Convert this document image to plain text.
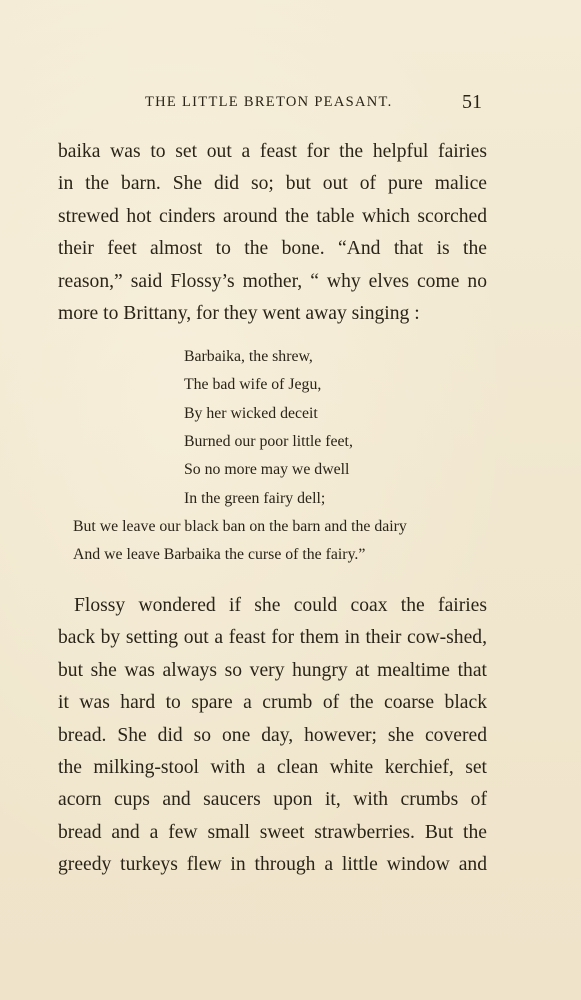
THE LITTLE BRETON PEASANT.	51

baika was to set out a feast for the helpful fairies
in the barn. She did so; but out of pure malice
strewed hot cinders around the table which scorched
their feet almost to the bone. “And that is the
reason,” said Flossy’s mother, “ why elves come no
more to Brittany, for they went away singing :

Barbaika, the shrew,
The bad wife of Jegu,
By her wicked deceit
Burned our poor little feet,
So no more may we dwell
In the green fairy dell;
But we leave our black ban on the barn and the dairy
And we leave Barbaika the curse of the fairy.”

Flossy wondered if she could coax the fairies
back by setting out a feast for them in their cow-shed,
but she was always so very hungry at mealtime that
it was hard to spare a crumb of the coarse black
bread. She did so one day, however; she covered
the milking-stool with a clean white kerchief, set
acorn cups and saucers upon it, with crumbs of
bread and a few small sweet strawberries. But the
greedy turkeys flew in through a little window and
